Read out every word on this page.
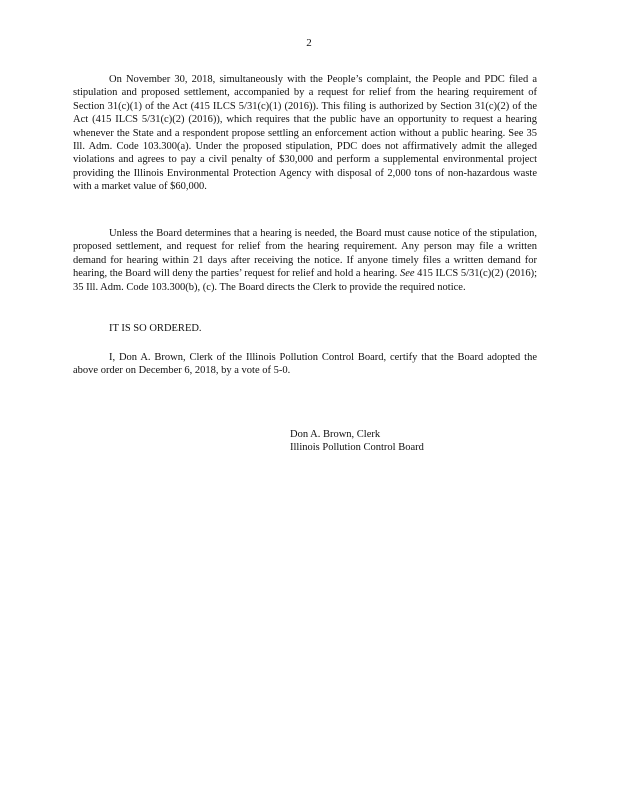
2

On November 30, 2018, simultaneously with the People’s complaint, the People and PDC filed a stipulation and proposed settlement, accompanied by a request for relief from the hearing requirement of Section 31(c)(1) of the Act (415 ILCS 5/31(c)(1) (2016)). This filing is authorized by Section 31(c)(2) of the Act (415 ILCS 5/31(c)(2) (2016)), which requires that the public have an opportunity to request a hearing whenever the State and a respondent propose settling an enforcement action without a public hearing. See 35 Ill. Adm. Code 103.300(a). Under the proposed stipulation, PDC does not affirmatively admit the alleged violations and agrees to pay a civil penalty of $30,000 and perform a supplemental environmental project providing the Illinois Environmental Protection Agency with disposal of 2,000 tons of non-hazardous waste with a market value of $60,000.

Unless the Board determines that a hearing is needed, the Board must cause notice of the stipulation, proposed settlement, and request for relief from the hearing requirement. Any person may file a written demand for hearing within 21 days after receiving the notice. If anyone timely files a written demand for hearing, the Board will deny the parties’ request for relief and hold a hearing. See 415 ILCS 5/31(c)(2) (2016); 35 Ill. Adm. Code 103.300(b), (c). The Board directs the Clerk to provide the required notice.

IT IS SO ORDERED.

I, Don A. Brown, Clerk of the Illinois Pollution Control Board, certify that the Board adopted the above order on December 6, 2018, by a vote of 5-0.

Don A. Brown, Clerk
Illinois Pollution Control Board
